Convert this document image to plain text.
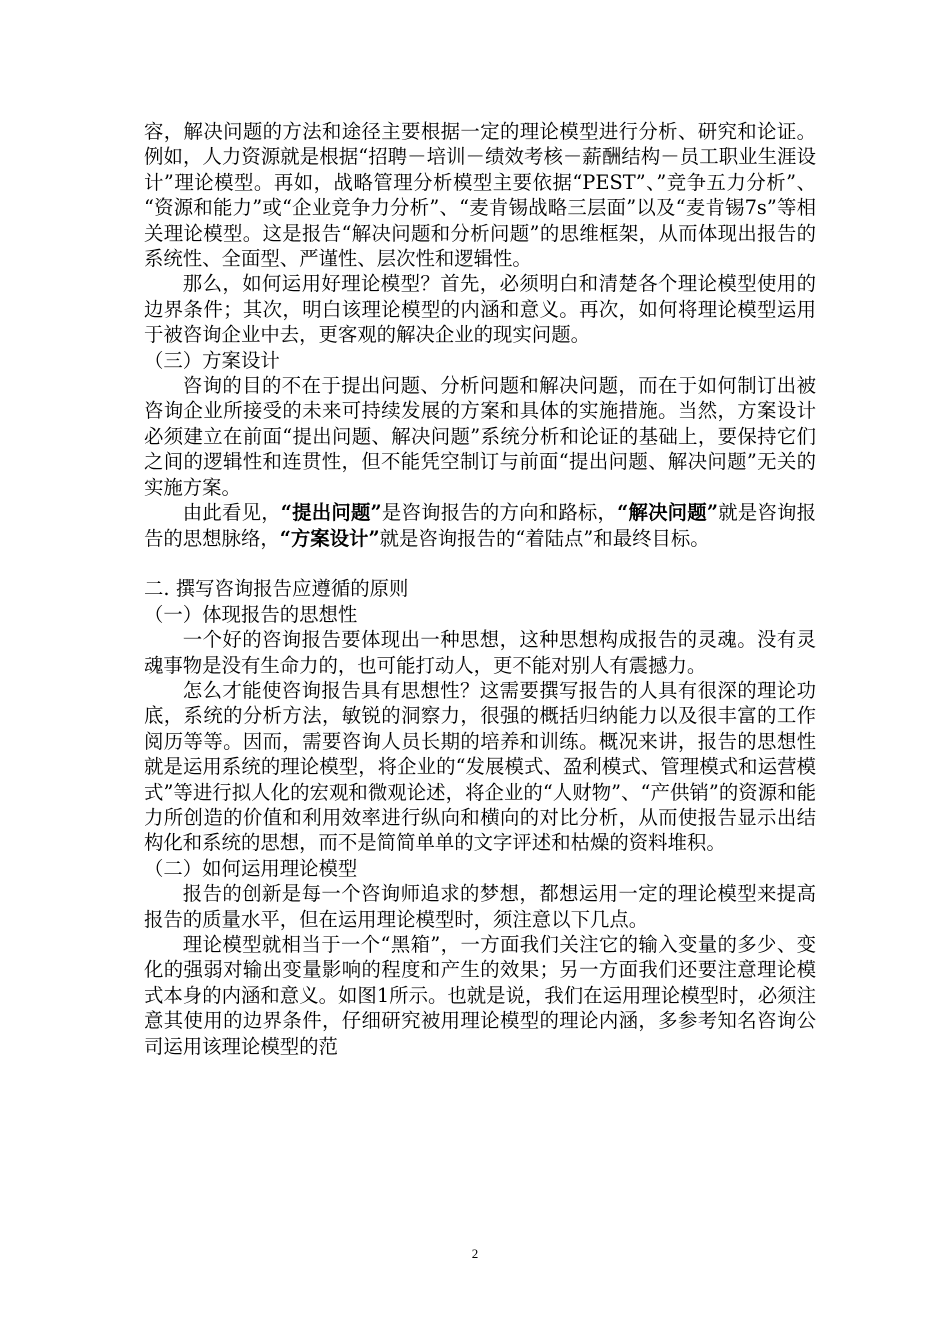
容，解决问题的方法和途径主要根据一定的理论模型进行分析、研究和论证。例如，人力资源就是根据“招聘－培训－绩效考核－薪酬结构－员工职业生涯设计”理论模型。再如，战略管理分析模型主要依据“PEST”、”竞争五力分析”、 “资源和能力”或“企业竞争力分析”、“麦肯锡战略三层面”以及“麦肯锡7s”等相关理论模型。这是报告“解决问题和分析问题”的思维框架，从而体现出报告的系统性、全面型、严谨性、层次性和逻辑性。

那么，如何运用好理论模型？首先，必须明白和清楚各个理论模型使用的边界条件；其次，明白该理论模型的内涵和意义。再次，如何将理论模型运用于被咨询企业中去，更客观的解决企业的现实问题。

（三）方案设计

咨询的目的不在于提出问题、分析问题和解决问题，而在于如何制订出被咨询企业所接受的未来可持续发展的方案和具体的实施措施。当然，方案设计必须建立在前面“提出问题、解决问题”系统分析和论证的基础上，要保持它们之间的逻辑性和连贯性，但不能凭空制订与前面“提出问题、解决问题”无关的实施方案。

由此看见，“提出问题”是咨询报告的方向和路标，“解决问题”就是咨询报告的思想脉络，“方案设计”就是咨询报告的“着陆点”和最终目标。

二. 撰写咨询报告应遵循的原则

（一）体现报告的思想性

一个好的咨询报告要体现出一种思想，这种思想构成报告的灵魂。没有灵魂事物是没有生命力的，也可能打动人，更不能对别人有震撼力。

怎么才能使咨询报告具有思想性？这需要撰写报告的人具有很深的理论功底，系统的分析方法，敏锐的洞察力，很强的概括归纳能力以及很丰富的工作阅历等等。因而，需要咨询人员长期的培养和训练。概况来讲，报告的思想性就是运用系统的理论模型，将企业的“发展模式、盈利模式、管理模式和运营模式”等进行拟人化的宏观和微观论述，将企业的“人财物”、“产供销”的资源和能力所创造的价值和利用效率进行纵向和横向的对比分析，从而使报告显示出结构化和系统的思想，而不是简简单单的文字评述和枯燥的资料堆积。

（二）如何运用理论模型

报告的创新是每一个咨询师追求的梦想，都想运用一定的理论模型来提高报告的质量水平，但在运用理论模型时，须注意以下几点。

理论模型就相当于一个“黑箱”，一方面我们关注它的输入变量的多少、变化的强弱对输出变量影响的程度和产生的效果；另一方面我们还要注意理论模式本身的内涵和意义。如图1所示。也就是说，我们在运用理论模型时，必须注意其使用的边界条件，仔细研究被用理论模型的理论内涵，多参考知名咨询公司运用该理论模型的范

2
